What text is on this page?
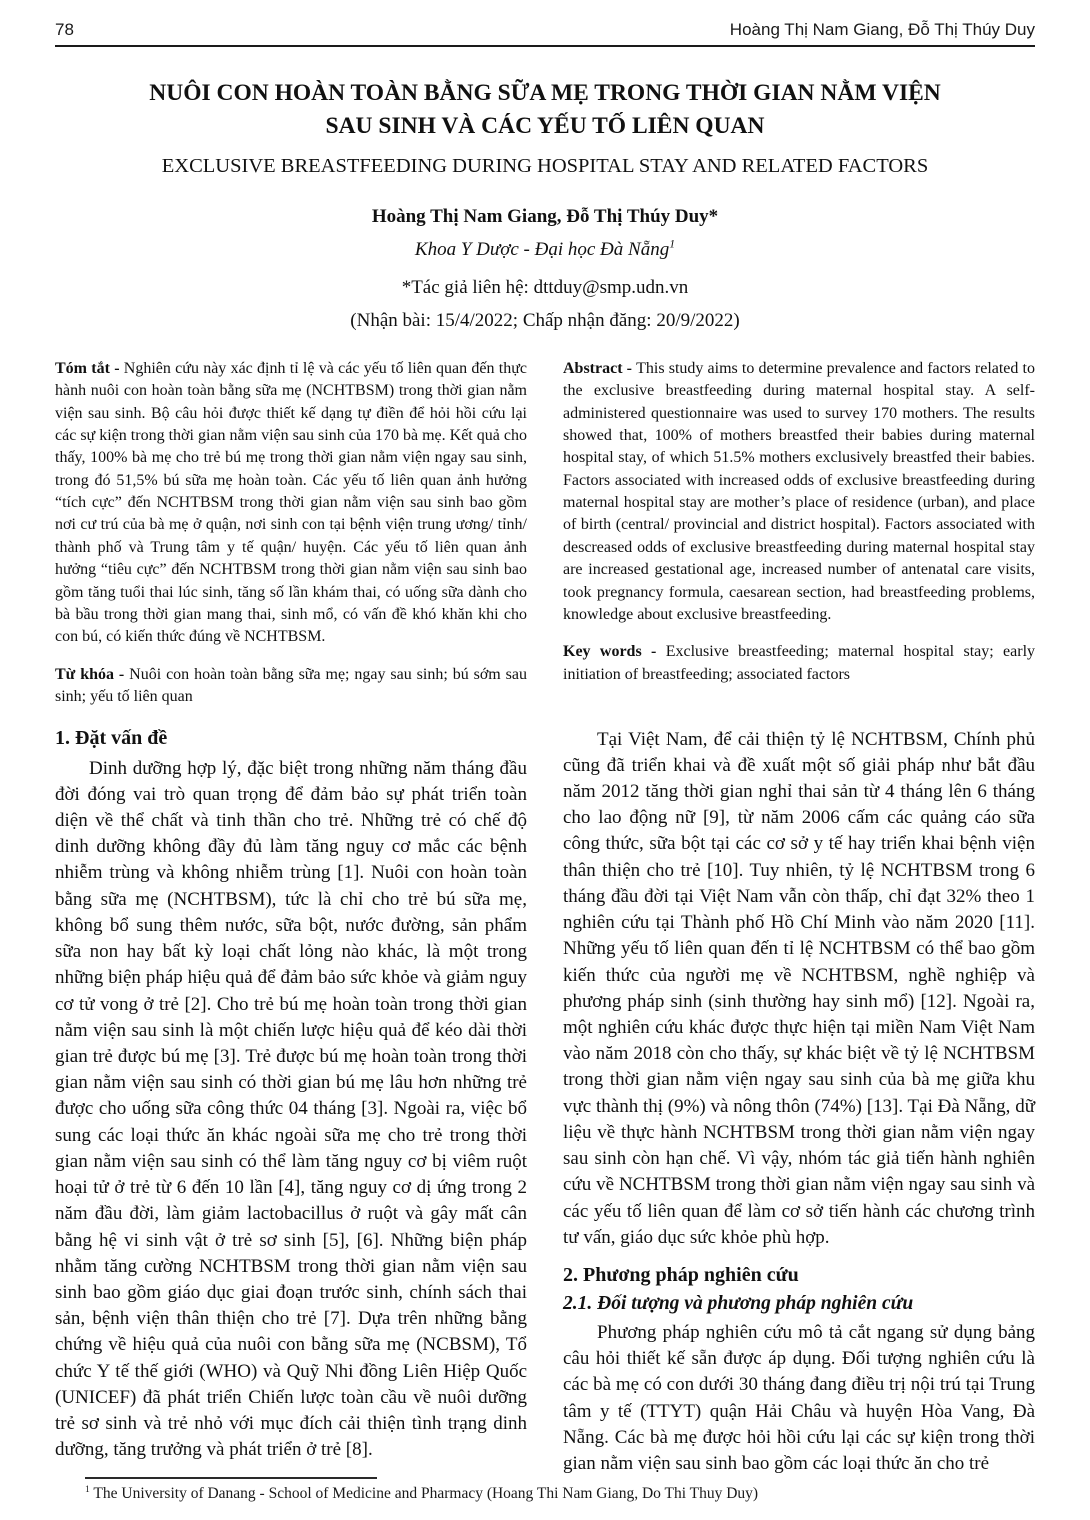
78	Hoàng Thị Nam Giang, Đỗ Thị Thúy Duy
NUÔI CON HOÀN TOÀN BẰNG SỮA MẸ TRONG THỜI GIAN NẰM VIỆN
SAU SINH VÀ CÁC YẾU TỐ LIÊN QUAN
EXCLUSIVE BREASTFEEDING DURING HOSPITAL STAY AND RELATED FACTORS

Hoàng Thị Nam Giang, Đỗ Thị Thúy Duy*

Khoa Y Dược - Đại học Đà Nẵng$^1$

*Tác giả liên hệ: dttduy@smp.udn.vn

(Nhận bài: 15/4/2022; Chấp nhận đăng: 20/9/2022)

Tóm tắt - Nghiên cứu này xác định tỉ lệ và các yếu tố liên quan đến thực hành nuôi con hoàn toàn bằng sữa mẹ (NCHTBSM) trong thời gian nằm viện sau sinh. Bộ câu hỏi được thiết kế dạng tự điền để hỏi hồi cứu lại các sự kiện trong thời gian nằm viện sau sinh của 170 bà mẹ. Kết quả cho thấy, 100% bà mẹ cho trẻ bú mẹ trong thời gian nằm viện ngay sau sinh, trong đó 51,5% bú sữa mẹ hoàn toàn. Các yếu tố liên quan ảnh hưởng “tích cực” đến NCHTBSM trong thời gian nằm viện sau sinh bao gồm nơi cư trú của bà mẹ ở quận, nơi sinh con tại bệnh viện trung ương/ tỉnh/ thành phố và Trung tâm y tế quận/ huyện. Các yếu tố liên quan ảnh hưởng “tiêu cực” đến NCHTBSM trong thời gian nằm viện sau sinh bao gồm tăng tuổi thai lúc sinh, tăng số lần khám thai, có uống sữa dành cho bà bầu trong thời gian mang thai, sinh mổ, có vấn đề khó khăn khi cho con bú, có kiến thức đúng về NCHTBSM.

Từ khóa - Nuôi con hoàn toàn bằng sữa mẹ; ngay sau sinh; bú sớm sau sinh; yếu tố liên quan

Abstract - This study aims to determine prevalence and factors related to the exclusive breastfeeding during maternal hospital stay. A self-administered questionnaire was used to survey 170 mothers. The results showed that, 100% of mothers breastfed their babies during maternal hospital stay, of which 51.5% mothers exclusively breastfed their babies. Factors associated with increased odds of exclusive breastfeeding during maternal hospital stay are mother’s place of residence (urban), and place of birth (central/ provincial and district hospital). Factors associated with descreased odds of exclusive breastfeeding during maternal hospital stay are increased gestational age, increased number of antenatal care visits, took pregnancy formula, caesarean section, had breastfeeding problems, knowledge about exclusive breastfeeding.

Key words - Exclusive breastfeeding; maternal hospital stay; early initiation of breastfeeding; associated factors

1. Đặt vấn đề

Dinh dưỡng hợp lý, đặc biệt trong những năm tháng đầu đời đóng vai trò quan trọng để đảm bảo sự phát triển toàn diện về thể chất và tinh thần cho trẻ. Những trẻ có chế độ dinh dưỡng không đầy đủ làm tăng nguy cơ mắc các bệnh nhiễm trùng và không nhiễm trùng [1]. Nuôi con hoàn toàn bằng sữa mẹ (NCHTBSM), tức là chỉ cho trẻ bú sữa mẹ, không bổ sung thêm nước, sữa bột, nước đường, sản phẩm sữa non hay bất kỳ loại chất lỏng nào khác, là một trong những biện pháp hiệu quả để đảm bảo sức khỏe và giảm nguy cơ tử vong ở trẻ [2]. Cho trẻ bú mẹ hoàn toàn trong thời gian nằm viện sau sinh là một chiến lược hiệu quả để kéo dài thời gian trẻ được bú mẹ [3]. Trẻ được bú mẹ hoàn toàn trong thời gian nằm viện sau sinh có thời gian bú mẹ lâu hơn những trẻ được cho uống sữa công thức 04 tháng [3]. Ngoài ra, việc bổ sung các loại thức ăn khác ngoài sữa mẹ cho trẻ trong thời gian nằm viện sau sinh có thể làm tăng nguy cơ bị viêm ruột hoại tử ở trẻ từ 6 đến 10 lần [4], tăng nguy cơ dị ứng trong 2 năm đầu đời, làm giảm lactobacillus ở ruột và gây mất cân bằng hệ vi sinh vật ở trẻ sơ sinh [5], [6]. Những biện pháp nhằm tăng cường NCHTBSM trong thời gian nằm viện sau sinh bao gồm giáo dục giai đoạn trước sinh, chính sách thai sản, bệnh viện thân thiện cho trẻ [7]. Dựa trên những bằng chứng về hiệu quả của nuôi con bằng sữa mẹ (NCBSM), Tổ chức Y tế thế giới (WHO) và Quỹ Nhi đồng Liên Hiệp Quốc (UNICEF) đã phát triển Chiến lược toàn cầu về nuôi dưỡng trẻ sơ sinh và trẻ nhỏ với mục đích cải thiện tình trạng dinh dưỡng, tăng trưởng và phát triển ở trẻ [8].

Tại Việt Nam, để cải thiện tỷ lệ NCHTBSM, Chính phủ cũng đã triển khai và đề xuất một số giải pháp như bắt đầu năm 2012 tăng thời gian nghỉ thai sản từ 4 tháng lên 6 tháng cho lao động nữ [9], từ năm 2006 cấm các quảng cáo sữa công thức, sữa bột tại các cơ sở y tế hay triển khai bệnh viện thân thiện cho trẻ [10]. Tuy nhiên, tỷ lệ NCHTBSM trong 6 tháng đầu đời tại Việt Nam vẫn còn thấp, chỉ đạt 32% theo 1 nghiên cứu tại Thành phố Hồ Chí Minh vào năm 2020 [11]. Những yếu tố liên quan đến tỉ lệ NCHTBSM có thể bao gồm kiến thức của người mẹ về NCHTBSM, nghề nghiệp và phương pháp sinh (sinh thường hay sinh mổ) [12]. Ngoài ra, một nghiên cứu khác được thực hiện tại miền Nam Việt Nam vào năm 2018 còn cho thấy, sự khác biệt về tỷ lệ NCHTBSM trong thời gian nằm viện ngay sau sinh của bà mẹ giữa khu vực thành thị (9%) và nông thôn (74%) [13]. Tại Đà Nẵng, dữ liệu về thực hành NCHTBSM trong thời gian nằm viện ngay sau sinh còn hạn chế. Vì vậy, nhóm tác giả tiến hành nghiên cứu về NCHTBSM trong thời gian nằm viện ngay sau sinh và các yếu tố liên quan để làm cơ sở tiến hành các chương trình tư vấn, giáo dục sức khỏe phù hợp.

2. Phương pháp nghiên cứu
2.1. Đối tượng và phương pháp nghiên cứu

Phương pháp nghiên cứu mô tả cắt ngang sử dụng bảng câu hỏi thiết kế sẵn được áp dụng. Đối tượng nghiên cứu là các bà mẹ có con dưới 30 tháng đang điều trị nội trú tại Trung tâm y tế (TTYT) quận Hải Châu và huyện Hòa Vang, Đà Nẵng. Các bà mẹ được hỏi hồi cứu lại các sự kiện trong thời gian nằm viện sau sinh bao gồm các loại thức ăn cho trẻ

$^1$ The University of Danang - School of Medicine and Pharmacy (Hoang Thi Nam Giang, Do Thi Thuy Duy)
